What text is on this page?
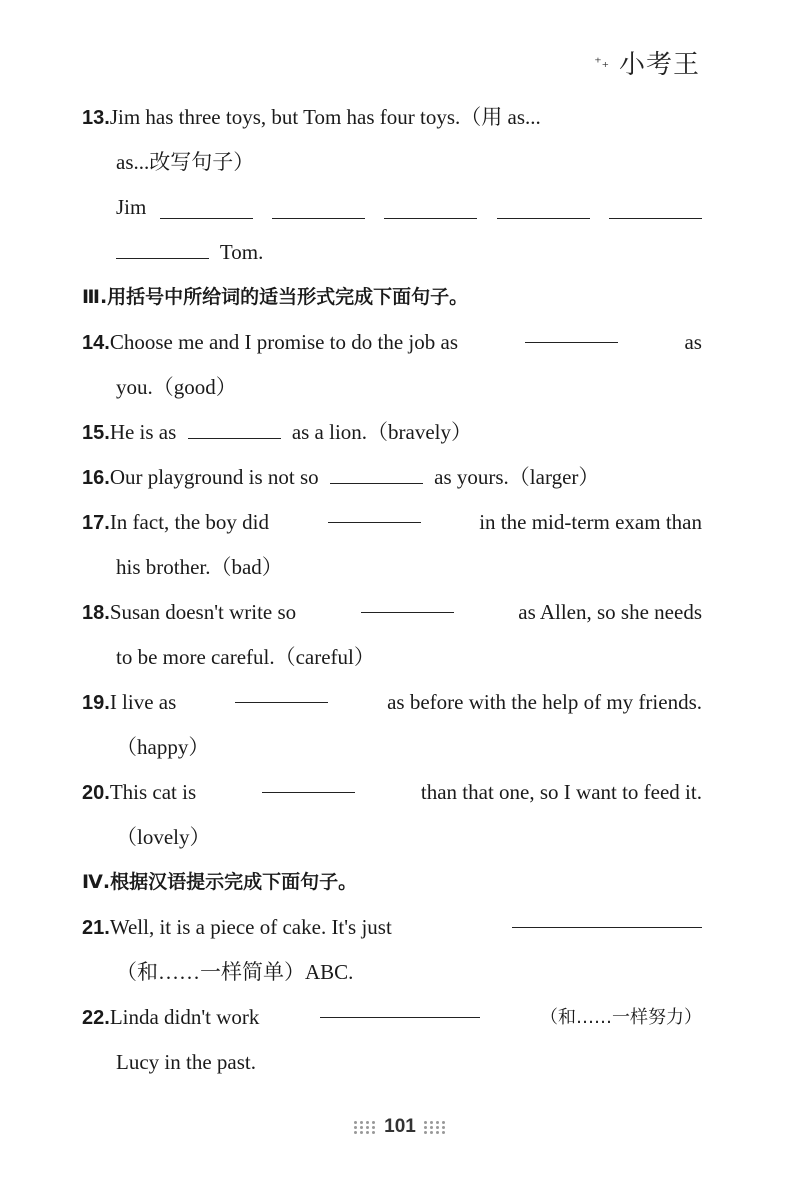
⁺₊ 小考王
13.Jim has three toys, but Tom has four toys.（用 as...
as...改写句子）
Jim
Tom.
Ⅲ.用括号中所给词的适当形式完成下面句子。
14.Choose me and I promise to do the job as	as
you.（good）
15.He is as	as a lion.（bravely）
16.Our playground is not so	as yours.（larger）
17.In fact, the boy did	in the mid-term exam than
his brother.（bad）
18.Susan doesn't write so	as Allen, so she needs
to be more careful.（careful）
19.I live as	as before with the help of my friends.
（happy）
20.This cat is	than that one, so I want to feed it.
（lovely）
Ⅳ.根据汉语提示完成下面句子。
21.Well, it is a piece of cake. It's just
（和……一样简单）ABC.
22.Linda didn't work	（和……一样努力）
Lucy in the past.
101
